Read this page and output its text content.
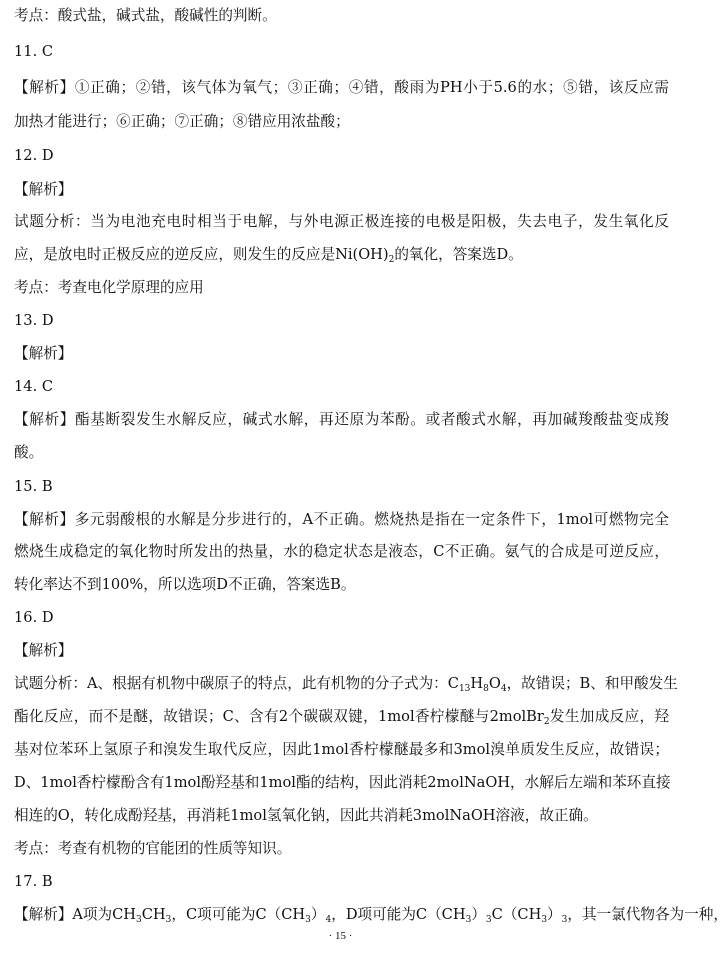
考点：酸式盐，碱式盐，酸碱性的判断。
11. C
【解析】①正确；②错，该气体为氧气；③正确；④错，酸雨为PH小于5.6的水；⑤错，该反应需
加热才能进行；⑥正确；⑦正确；⑧错应用浓盐酸；
12. D
【解析】
试题分析：当为电池充电时相当于电解，与外电源正极连接的电极是阳极，失去电子，发生氧化反
应，是放电时正极反应的逆反应，则发生的反应是$Ni(OH)_2$的氧化，答案选D。
考点：考查电化学原理的应用
13. D
【解析】
14. C
【解析】酯基断裂发生水解反应，碱式水解，再还原为苯酚。或者酸式水解，再加碱羧酸盐变成羧
酸。
15. B
【解析】多元弱酸根的水解是分步进行的，A不正确。燃烧热是指在一定条件下，1mol可燃物完全
燃烧生成稳定的氧化物时所发出的热量，水的稳定状态是液态，C不正确。氨气的合成是可逆反应，
转化率达不到100%，所以选项D不正确，答案选B。
16. D
【解析】
试题分析：A、根据有机物中碳原子的特点，此有机物的分子式为：$C_{13}H_8O_4$，故错误；B、和甲酸发生
酯化反应，而不是醚，故错误；C、含有2个碳碳双键，1mol香柠檬醚与2molBr$_2$发生加成反应，羟
基对位苯环上氢原子和溴发生取代反应，因此1mol香柠檬醚最多和3mol溴单质发生反应，故错误；
D、1mol香柠檬酚含有1mol酚羟基和1mol酯的结构，因此消耗2molNaOH，水解后左端和苯环直接
相连的O，转化成酚羟基，再消耗1mol氢氧化钠，因此共消耗3molNaOH溶液，故正确。
考点：考查有机物的官能团的性质等知识。
17. B
【解析】A项为$CH_3CH_3$，C项可能为$C(CH_3)_4$，D项可能为$C(CH_3)_3C(CH_3)_3$，其一氯代物各为一种，
· 15 ·
